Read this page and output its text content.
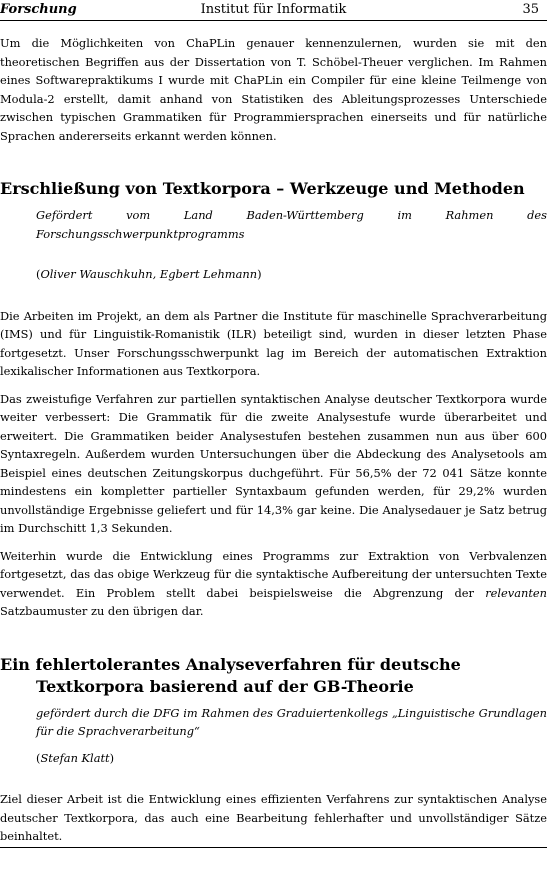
Forschung	Institut für Informatik	35

Um die Möglichkeiten von ChaPLin genauer kennenzulernen, wurden sie mit den theoretischen Begriffen aus der Dissertation von T. Schöbel-Theuer verglichen. Im Rahmen eines Softwarepraktikums I wurde mit ChaPLin ein Compiler für eine kleine Teilmenge von Modula-2 erstellt, damit anhand von Statistiken des Ableitungsprozesses Unterschiede zwischen typischen Grammatiken für Programmiersprachen einerseits und für natürliche Sprachen andererseits erkannt werden können.

Erschließung von Textkorpora – Werkzeuge und Methoden

Gefördert vom Land Baden-Württemberg im Rahmen des Forschungsschwerpunktprogramms

(Oliver Wauschkuhn, Egbert Lehmann)

Die Arbeiten im Projekt, an dem als Partner die Institute für maschinelle Sprachverarbeitung (IMS) und für Linguistik-Romanistik (ILR) beteiligt sind, wurden in dieser letzten Phase fortgesetzt. Unser Forschungsschwerpunkt lag im Bereich der automatischen Extraktion lexikalischer Informationen aus Textkorpora.

Das zweistufige Verfahren zur partiellen syntaktischen Analyse deutscher Textkorpora wurde weiter verbessert: Die Grammatik für die zweite Analysestufe wurde überarbeitet und erweitert. Die Grammatiken beider Analysestufen bestehen zusammen nun aus über 600 Syntaxregeln. Außerdem wurden Untersuchungen über die Abdeckung des Analysetools am Beispiel eines deutschen Zeitungskorpus duchgeführt. Für 56,5% der 72 041 Sätze konnte mindestens ein kompletter partieller Syntaxbaum gefunden werden, für 29,2% wurden unvollständige Ergebnisse geliefert und für 14,3% gar keine. Die Analysedauer je Satz betrug im Durchschitt 1,3 Sekunden.

Weiterhin wurde die Entwicklung eines Programms zur Extraktion von Verbvalenzen fortgesetzt, das das obige Werkzeug für die syntaktische Aufbereitung der untersuchten Texte verwendet. Ein Problem stellt dabei beispielsweise die Abgrenzung der relevanten Satzbaumuster zu den übrigen dar.

Ein fehlertolerantes Analyseverfahren für deutsche Textkorpora basierend auf der GB-Theorie

gefördert durch die DFG im Rahmen des Graduiertenkollegs „Linguistische Grundlagen für die Sprachverarbeitung“

(Stefan Klatt)

Ziel dieser Arbeit ist die Entwicklung eines effizienten Verfahrens zur syntaktischen Analyse deutscher Textkorpora, das auch eine Bearbeitung fehlerhafter und unvollständiger Sätze beinhaltet.
